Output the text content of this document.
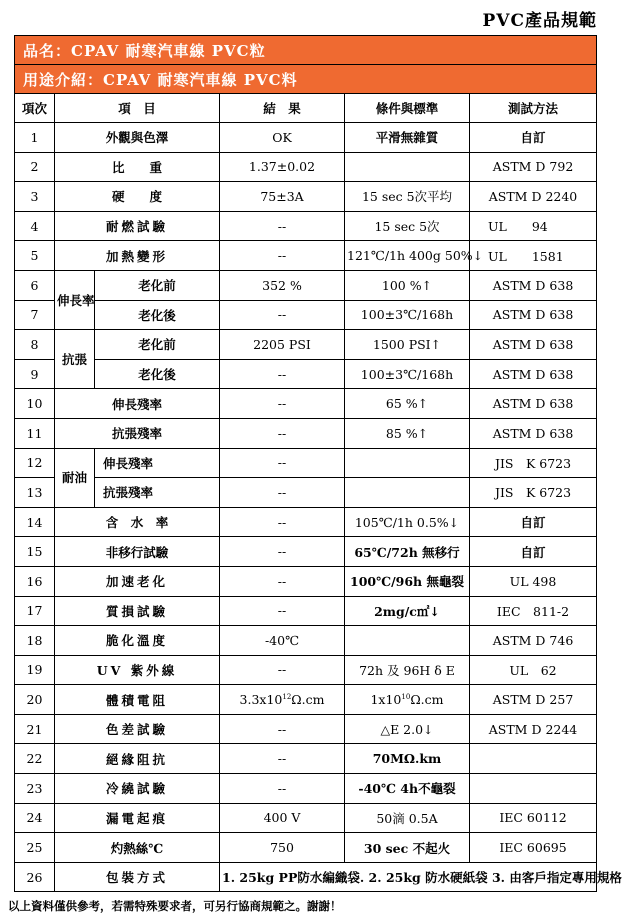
PVC產品規範
品名：CPAV 耐寒汽車線 PVC粒					
用途介紹：CPAV 耐寒汽車線 PVC料					
項次	項　目		結　果	條件與標準	測試方法
1	外觀與色澤		OK	平滑無雜質	自訂
2	比　　重		1.37±0.02		ASTM D 792
3	硬　　度		75±3A	15 sec 5次平均	ASTM D 2240
4	耐燃試驗		--	15 sec 5次	UL　　94
5	加熱變形		--	121℃/1h 400g 50%↓	UL　　1581
6	伸長率	老化前	352 %	100 %↑	ASTM D 638
7		老化後	--	100±3℃/168h	ASTM D 638
8	抗張	老化前	2205 PSI	1500 PSI↑	ASTM D 638
9		老化後	--	100±3℃/168h	ASTM D 638
10	伸長殘率		--	65 %↑	ASTM D 638
11	抗張殘率		--	85 %↑	ASTM D 638
12	耐油	伸長殘率	--		JIS　K 6723
13		抗張殘率	--		JIS　K 6723
14	含　水　率		--	105℃/1h 0.5%↓	自訂
15	非移行試驗		--	65℃/72h 無移行	自訂
16	加速老化		--	100℃/96h 無龜裂	UL 498
17	質損試驗		--	2mg/c㎡↓	IEC　811-2
18	脆化溫度		-40℃		ASTM D 746
19	UV 紫外線		--	72h 及 96H δ E	UL　62
20	體積電阻		$3.3x10^{12}\Omega.cm$	$1x10^{10}\Omega.cm$	ASTM D 257
21	色差試驗		--	△E 2.0↓	ASTM D 2244
22	絕緣阻抗		--	70MΩ.km	
23	冷繞試驗		--	-40℃ 4h不龜裂	
24	漏電起痕		400 V	50滴 0.5A	IEC 60112
25	灼熱絲℃		750	30 sec 不起火	IEC 60695
26	包裝方式		1. 25kg PP防水編織袋. 2. 25kg 防水硬紙袋 3. 由客戶指定專用規格		
以上資料僅供參考，若需特殊要求者，可另行協商規範之。謝謝！
